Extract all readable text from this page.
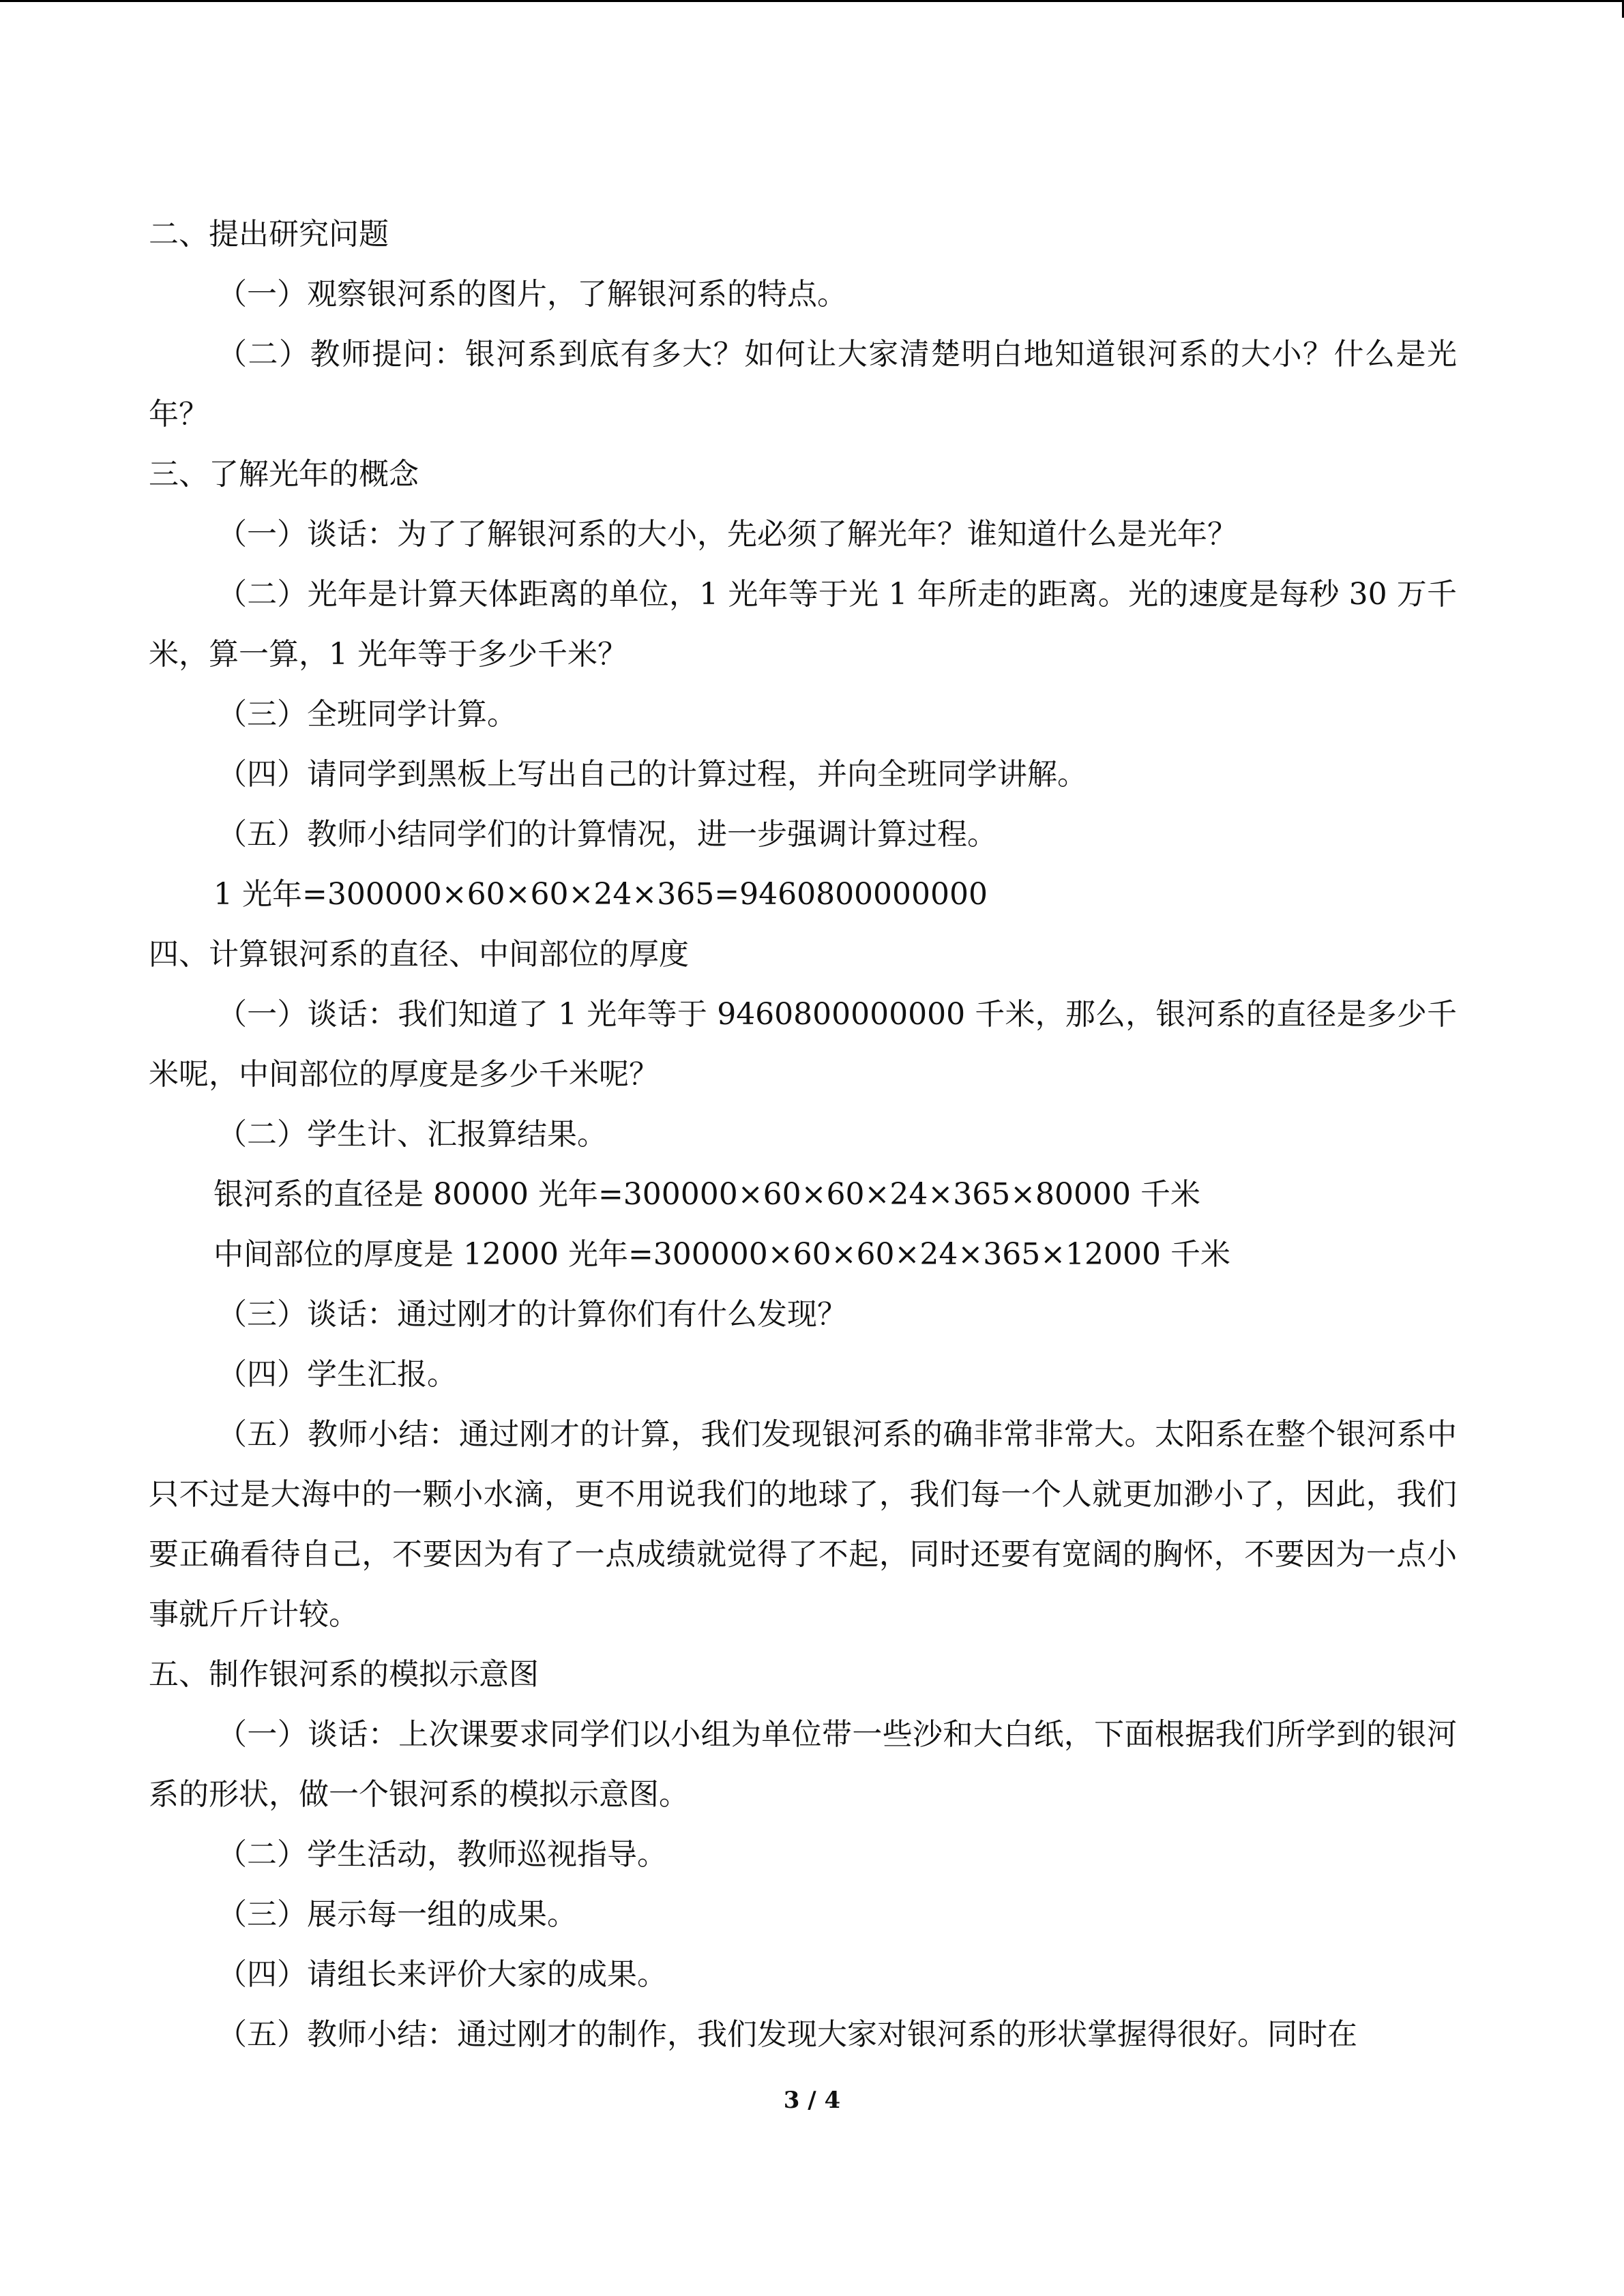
二、提出研究问题
（一）观察银河系的图片，了解银河系的特点。
（二）教师提问：银河系到底有多大？如何让大家清楚明白地知道银河系的大小？什么是光年？
三、了解光年的概念
（一）谈话：为了了解银河系的大小，先必须了解光年？谁知道什么是光年？
（二）光年是计算天体距离的单位，1 光年等于光 1 年所走的距离。光的速度是每秒 30 万千米，算一算，1 光年等于多少千米？
（三）全班同学计算。
（四）请同学到黑板上写出自己的计算过程，并向全班同学讲解。
（五）教师小结同学们的计算情况，进一步强调计算过程。
1 光年=300000×60×60×24×365=9460800000000
四、计算银河系的直径、中间部位的厚度
（一）谈话：我们知道了 1 光年等于 9460800000000 千米，那么，银河系的直径是多少千米呢，中间部位的厚度是多少千米呢？
（二）学生计、汇报算结果。
银河系的直径是 80000 光年=300000×60×60×24×365×80000 千米
中间部位的厚度是 12000 光年=300000×60×60×24×365×12000 千米
（三）谈话：通过刚才的计算你们有什么发现？
（四）学生汇报。
（五）教师小结：通过刚才的计算，我们发现银河系的确非常非常大。太阳系在整个银河系中只不过是大海中的一颗小水滴，更不用说我们的地球了，我们每一个人就更加渺小了，因此，我们要正确看待自己，不要因为有了一点成绩就觉得了不起，同时还要有宽阔的胸怀，不要因为一点小事就斤斤计较。
五、制作银河系的模拟示意图
（一）谈话：上次课要求同学们以小组为单位带一些沙和大白纸，下面根据我们所学到的银河系的形状，做一个银河系的模拟示意图。
（二）学生活动，教师巡视指导。
（三）展示每一组的成果。
（四）请组长来评价大家的成果。
（五）教师小结：通过刚才的制作，我们发现大家对银河系的形状掌握得很好。同时在
3 / 4
